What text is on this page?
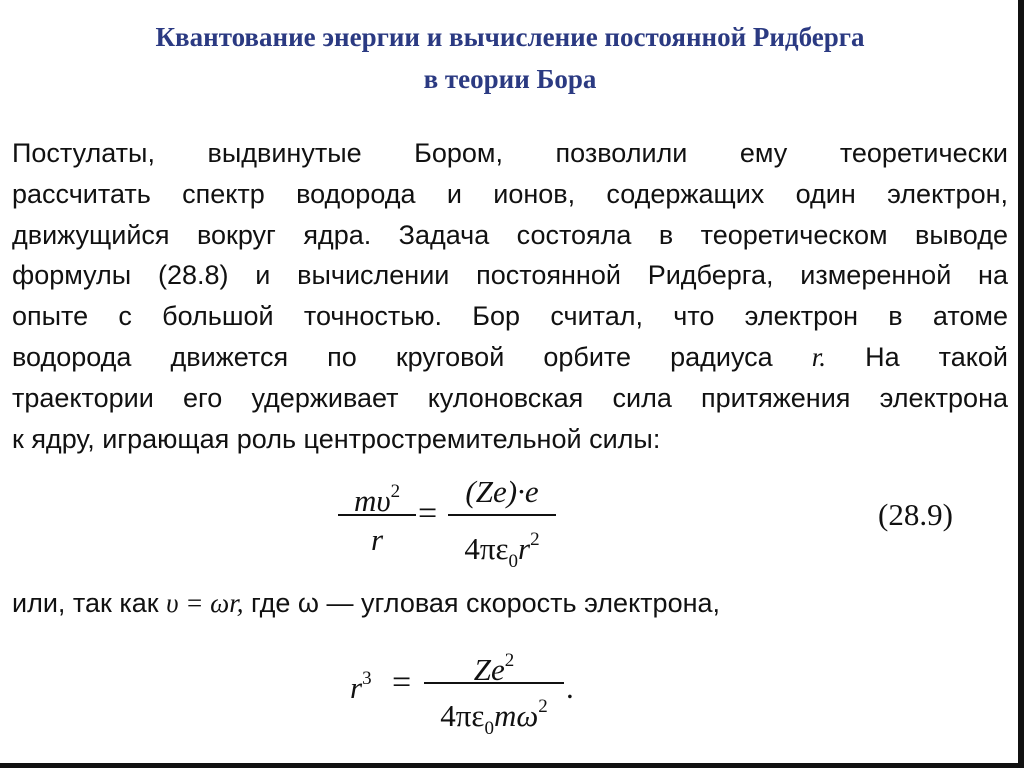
Квантование энергии и вычисление постоянной Ридберга
в теории Бора
Постулаты, выдвинутые Бором, позволили ему теоретически
рассчитать спектр водорода и ионов, содержащих один электрон,
движущийся вокруг ядра. Задача состояла в теоретическом выводе
формулы (28.8) и вычислении постоянной Ридберга, измеренной на
опыте с большой точностью. Бор считал, что электрон в атоме
водорода движется по круговой орбите радиуса r. На такой
траектории его удерживает кулоновская сила притяжения электрона
к ядру, играющая роль центростремительной силы:
$m\upsilon^2$
r
=
(Ze)·e
$4\pi\varepsilon_0r^2$
(28.9)
или, так как υ = ωr, где ω — угловая скорость электрона,
$r^3$ =	$Ze^2$
$4\pi\varepsilon_0m\omega^2$
.
